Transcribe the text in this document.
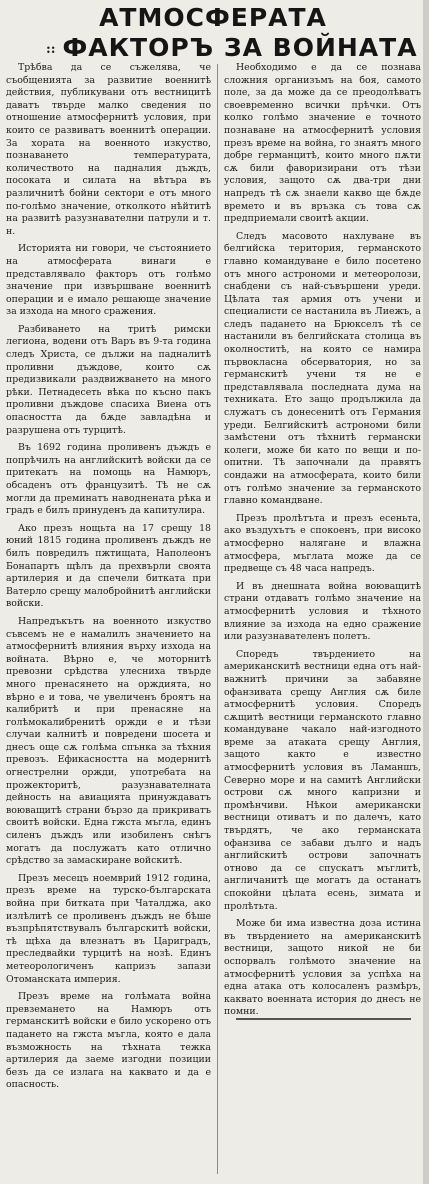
АТМОСФЕРАТА
:: ФАКТОРЪ ЗА ВОЙНАТА

Трѣбва да се съжелява, че съобщенията за развитие военнитѣ действия, публикувани отъ вестницитѣ даватъ твърде малко сведения по отношение атмосфернитѣ условия, при които се развиватъ военнитѣ операции. За хората на военното изкуство, познаването температурата, количеството на падналия дъждъ, посоката и силата на вѣтъра въ различнитѣ бойни сектори е отъ много по-голѣмо значение, отколкото нѣйтитѣ на развитѣ разузнавателни патрули и т. н.

Историята ни говори, че състоянието на атмосферата винаги е представлявало факторъ отъ голѣмо значение при извършване военнитѣ операции и е имало решающе значение за изхода на много сражения.

Разбиването на тритѣ римски легиона, водени отъ Варъ въ 9-та година следъ Христа, се дължи на падналитѣ проливни дъждове, които сѫ предизвикали раздвижването на много рѣки. Петнадесеть вѣка по късно пакъ проливни дъждове спасиха Виена отъ опасността да бѫде завладѣна и разрушена отъ турцитѣ.

Въ 1692 година проливенъ дъждъ е попрѣчилъ на английскитѣ войски да се притекатъ на помощь на Намюръ, обсаденъ отъ французитѣ. Тѣ не сѫ могли да преминатъ наводнената рѣка и градъ е билъ принуденъ да капитулира.

Ако презъ нощьта на 17 срещу 18 юний 1815 година проливенъ дъждъ не билъ повредилъ пжтищата, Наполеонъ Бонапартъ щѣлъ да прехвърли своята артилерия и да спечели битката при Ватерло срещу малобройнитѣ английски войски.

Напредъкътъ на военното изкуство съвсемъ не е намалилъ значението на атмосфернитѣ влияния върху изхода на войната. Вѣрно е, че моторнитѣ превозни срѣдства улесниха твърде много пренасянето на орждията, но вѣрно е и това, че увеличенъ броятъ на калибритѣ и при пренасяне на голѣмокалибренитѣ оржди е и тѣзи случаи калнитѣ и повредени шосета и днесъ още сѫ голѣма спънка за тѣхния превозъ. Ефикасността на модернитѣ огнестрелни оржди, употребата на прожекторитѣ, разузнавателната дейность на авиацията принуждаватъ воюващитѣ страни бързо да прикриватъ своитѣ войски. Една гжста мъгла, единъ силенъ дъждъ или изобиленъ снѣгъ могатъ да послужатъ като отлично срѣдство за замаскиране войскитѣ.

Презъ месецъ ноемврий 1912 година, презъ време на турско-българската война при битката при Чаталджа, ако излѣлитѣ се проливенъ дъждъ не бѣше възпрѣпятствувалъ българскитѣ войски, тѣ щѣха да влезнатъ въ Цариградъ, преследвайки турцитѣ на нозѣ. Единъ метеорологиченъ капризъ запази Отоманската империя.

Презъ време на голѣмата война превземането на Намюръ отъ германскитѣ войски е било ускорено отъ падането на гжста мъгла, която е дала възможность на тѣхната тежка артилерия да заеме изгодни позиции безъ да се излага на каквато и да е опасность.

Необходимо е да се познава сложния организъмъ на боя, самото поле, за да може да се преодолѣватъ своевременно всички прѣчки. Отъ колко голѣмо значение е точното познаване на атмосфернитѣ условия презъ време на война, го знаятъ много добре германцитѣ, които много пѫти сѫ били фаворизирани отъ тѣзи условия, защото сѫ два-три дни напредъ тѣ сѫ знаели какво ще бѫде времето и въ връзка съ това сѫ предприемали своитѣ акции.

Следъ масовото нахлуване въ белгийска територия, германското главно командуване е било посетено отъ много астрономи и метеоролози, снабдени съ най-съвършени уреди. Цѣлата тая армия отъ учени и специалисти се настанила въ Лиежъ, а следъ падането на Брюкселъ тѣ се настанили въ белгийската столица въ околноститѣ, на която се намира първокласна обсерватория, но за германскитѣ учени тя не е представлявала последната дума на техниката. Ето защо продължила да служатъ съ донесенитѣ отъ Германия уреди. Белгийскитѣ астрономи били замѣстени отъ тѣхнитѣ германски колеги, може би като по вещи и по-опитни. Тѣ започнали да правятъ сондажи на атмосферата, които били отъ голѣмо значение за германското главно командване.

Презъ пролѣтъта и презъ есеньта, ако въздухътъ е спокоенъ, при високо атмосферно налягане и влажна атмосфера, мъглата може да се предвеще съ 48 часа напредъ.

И въ днешната война воюващитѣ страни отдаватъ голѣмо значение на атмосфернитѣ условия и тѣхното влияние за изхода на едно сражение или разузнавателенъ полетъ.

Споредъ твърдението на американскитѣ вестници една отъ най-важнитѣ причини за забавяне офанзивата срещу Англия сѫ билe атмосфернитѣ условия. Споредъ сѫщитѣ вестници германското главно командуване чакало най-изгодното време за атаката срещу Англия, защото както е известно атмосфернитѣ условия въ Ламаншъ, Северно море и на самитѣ Английски острови сѫ много капризни и промѣнчиви. Нѣкои американски вестници отиватъ и по далечъ, като твърдятъ, че ако германската офанзива се забави дълго и надъ английскитѣ острови започнатъ отново да се спускатъ мъглитѣ, англичанитѣ ще могатъ да останатъ спокойни цѣлата есень, зимата и пролѣтьта.

Може би има известна доза истина въ твърдението на американскитѣ вестници, защото никой не би оспорвалъ голѣмото значение на атмосфернитѣ условия за успѣха на една атака отъ колосаленъ размѣръ, каквато военната история до днесъ не помни.
